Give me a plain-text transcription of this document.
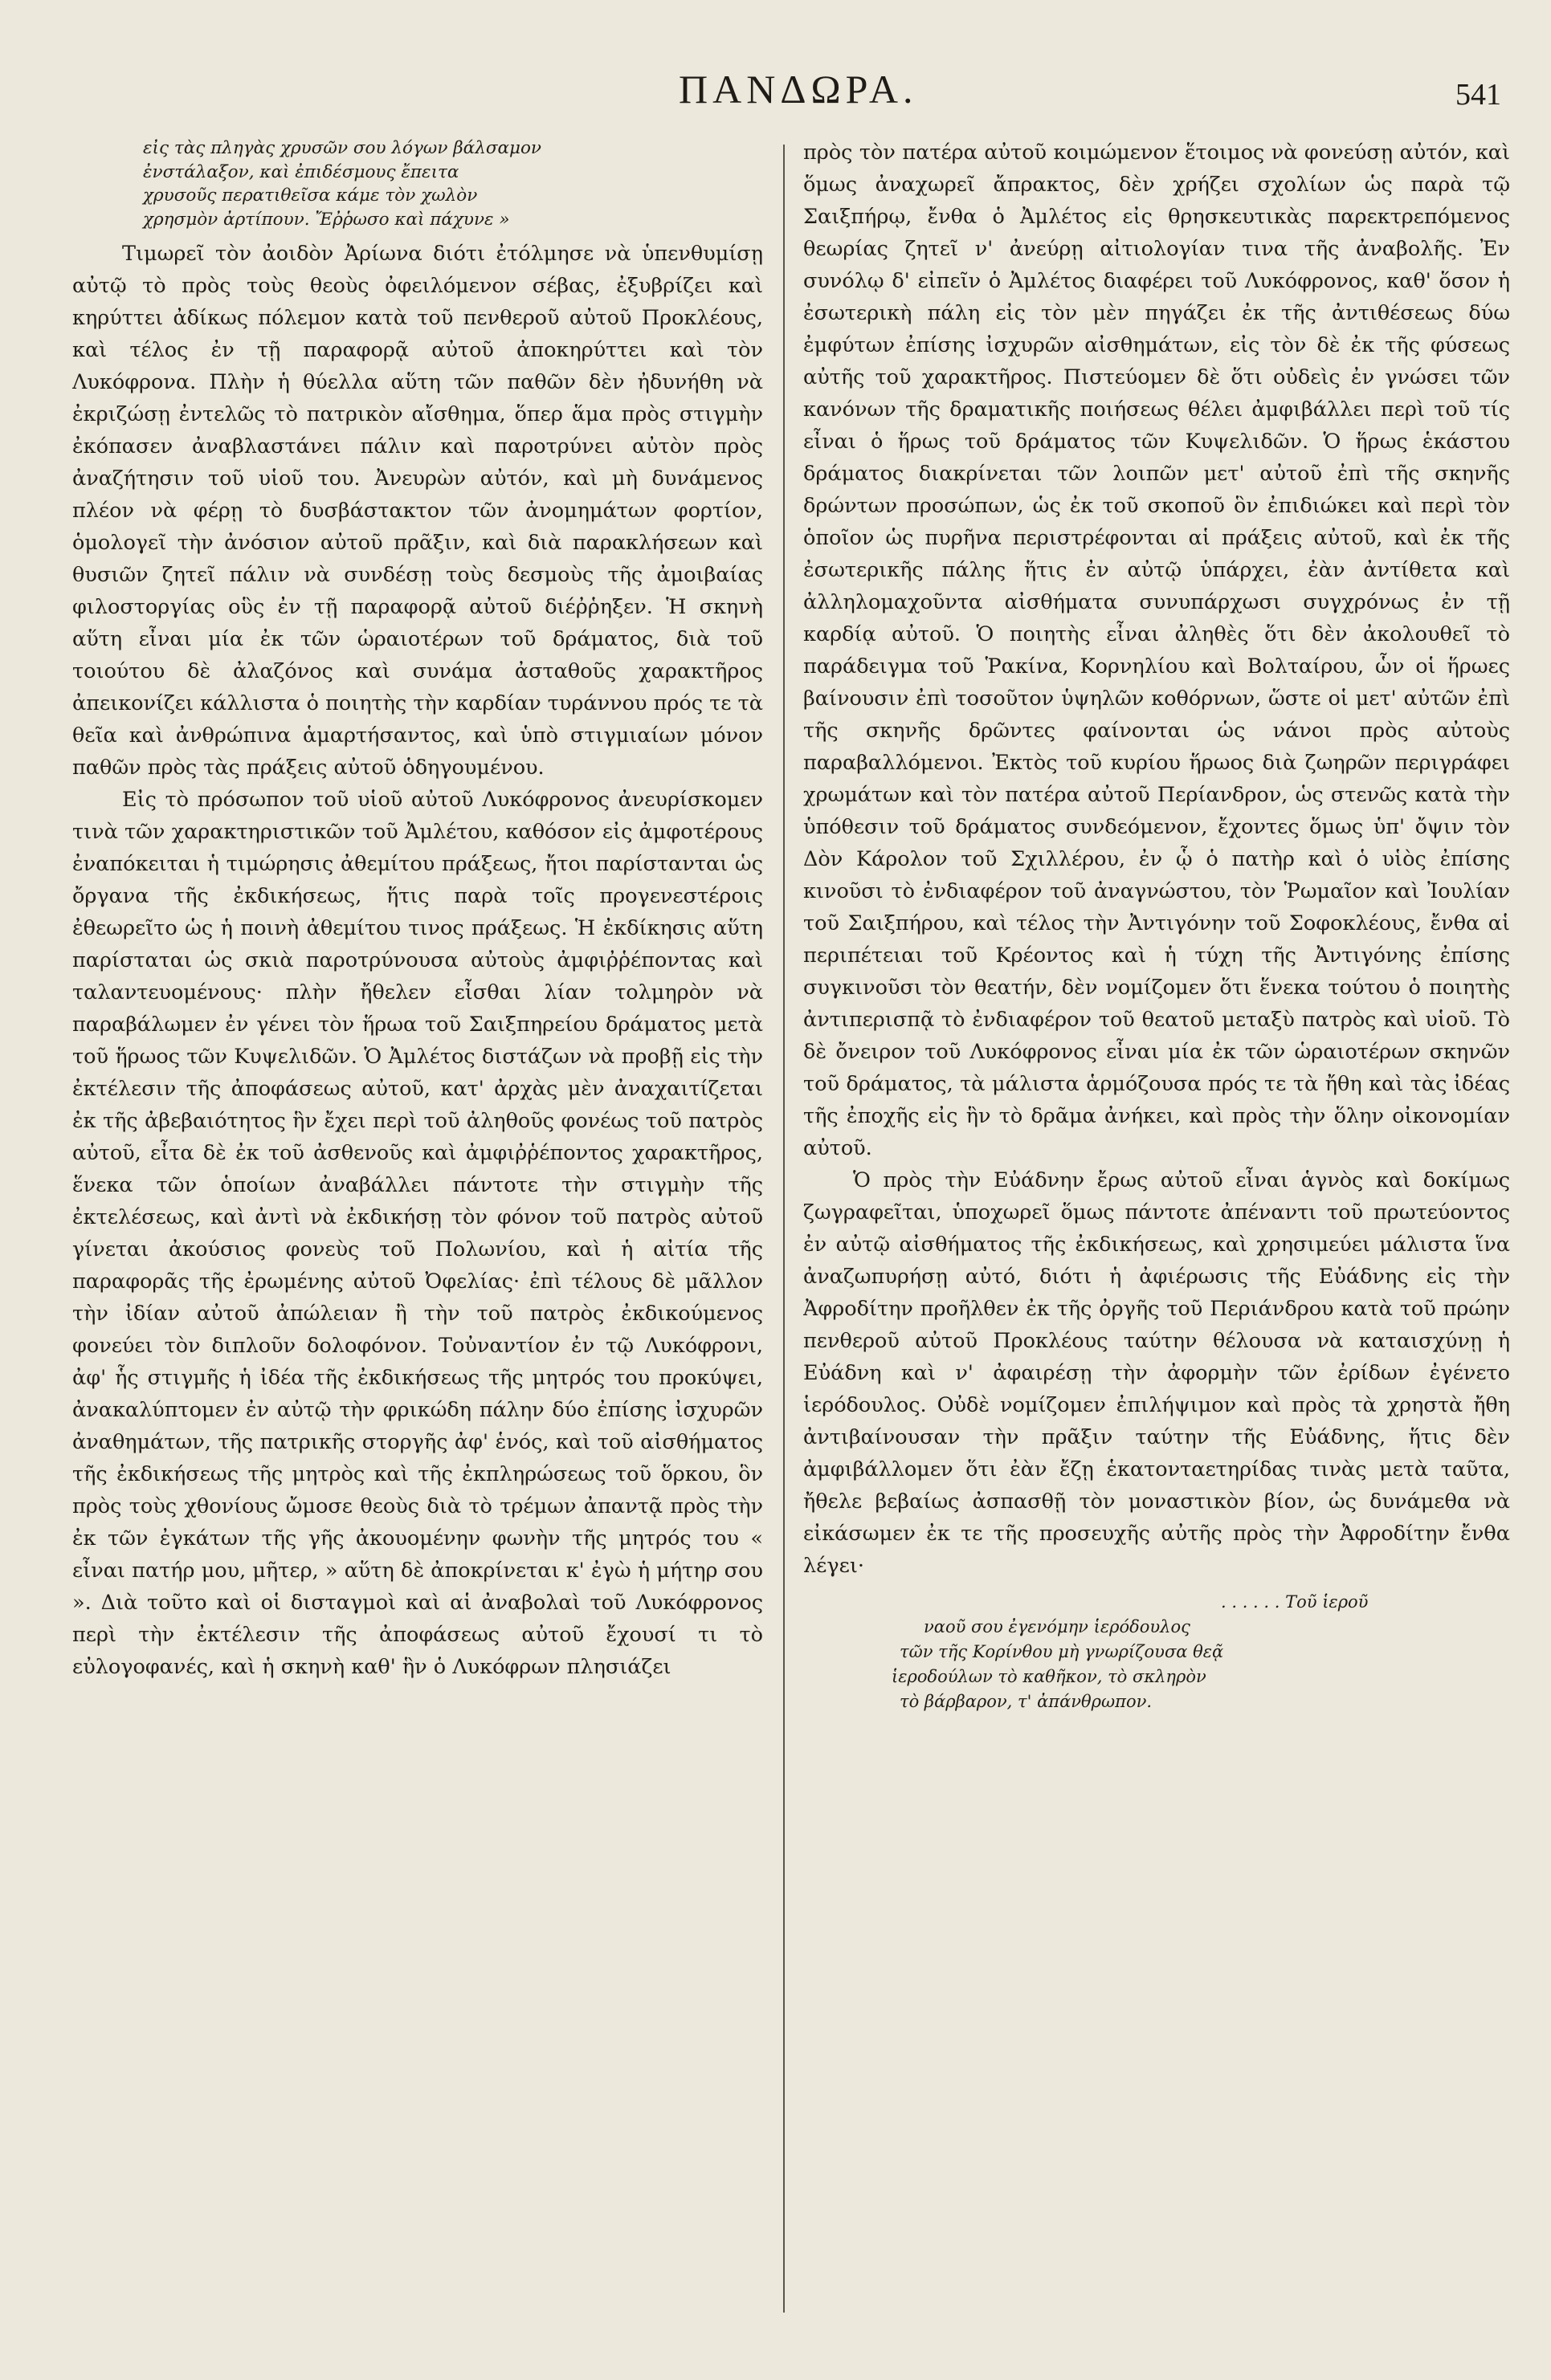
ΠΑΝΔΩΡΑ.	541

εἰς τὰς πληγὰς χρυσῶν σου λόγων βάλσαμον

ἐνστάλαξον, καὶ ἐπιδέσμους ἔπειτα

χρυσοῦς περατιθεῖσα κάμε τὸν χωλὸν

χρησμὸν ἀρτίπουν. Ἔῤῥωσο καὶ πάχυνε »

Τιμωρεῖ τὸν ἀοιδὸν Ἀρίωνα διότι ἐτόλμησε νὰ ὑπενθυμίσῃ αὐτῷ τὸ πρὸς τοὺς θεοὺς ὀφειλόμενον σέβας, ἐξυβρίζει καὶ κηρύττει ἀδίκως πόλεμον κατὰ τοῦ πενθεροῦ αὐτοῦ Προκλέους, καὶ τέλος ἐν τῇ παραφορᾷ αὐτοῦ ἀποκηρύττει καὶ τὸν Λυκόφρονα. Πλὴν ἡ θύελλα αὕτη τῶν παθῶν δὲν ἠδυνήθη νὰ ἐκριζώσῃ ἐντελῶς τὸ πατρικὸν αἴσθημα, ὅπερ ἅμα πρὸς στιγμὴν ἐκόπασεν ἀναβλαστάνει πάλιν καὶ παροτρύνει αὐτὸν πρὸς ἀναζήτησιν τοῦ υἱοῦ του. Ἀνευρὼν αὐτόν, καὶ μὴ δυνάμενος πλέον νὰ φέρῃ τὸ δυσβάστακτον τῶν ἀνομημάτων φορτίον, ὁμολογεῖ τὴν ἀνόσιον αὐτοῦ πρᾶξιν, καὶ διὰ παρακλήσεων καὶ θυσιῶν ζητεῖ πάλιν νὰ συνδέσῃ τοὺς δεσμοὺς τῆς ἀμοιβαίας φιλοστοργίας οὓς ἐν τῇ παραφορᾷ αὐτοῦ διέῤῥηξεν. Ἡ σκηνὴ αὕτη εἶναι μία ἐκ τῶν ὡραιοτέρων τοῦ δράματος, διὰ τοῦ τοιούτου δὲ ἀλαζόνος καὶ συνάμα ἀσταθοῦς χαρακτῆρος ἀπεικονίζει κάλλιστα ὁ ποιητὴς τὴν καρδίαν τυράννου πρός τε τὰ θεῖα καὶ ἀνθρώπινα ἁμαρτήσαντος, καὶ ὑπὸ στιγμιαίων μόνον παθῶν πρὸς τὰς πράξεις αὐτοῦ ὁδηγουμένου.

Εἰς τὸ πρόσωπον τοῦ υἱοῦ αὐτοῦ Λυκόφρονος ἀνευρίσκομεν τινὰ τῶν χαρακτηριστικῶν τοῦ Ἀμλέτου, καθόσον εἰς ἀμφοτέρους ἐναπόκειται ἡ τιμώρησις ἀθεμίτου πράξεως, ἤτοι παρίστανται ὡς ὄργανα τῆς ἐκδικήσεως, ἥτις παρὰ τοῖς προγενεστέροις ἐθεωρεῖτο ὡς ἡ ποινὴ ἀθεμίτου τινος πράξεως. Ἡ ἐκδίκησις αὕτη παρίσταται ὡς σκιὰ παροτρύνουσα αὐτοὺς ἀμφιῤῥέποντας καὶ ταλαντευομένους· πλὴν ἤθελεν εἶσθαι λίαν τολμηρὸν νὰ παραβάλωμεν ἐν γένει τὸν ἥρωα τοῦ Σαιξπηρείου δράματος μετὰ τοῦ ἥρωος τῶν Κυψελιδῶν. Ὁ Ἀμλέτος διστάζων νὰ προβῇ εἰς τὴν ἐκτέλεσιν τῆς ἀποφάσεως αὐτοῦ, κατ' ἀρχὰς μὲν ἀναχαιτίζεται ἐκ τῆς ἀβεβαιότητος ἣν ἔχει περὶ τοῦ ἀληθοῦς φονέως τοῦ πατρὸς αὐτοῦ, εἶτα δὲ ἐκ τοῦ ἀσθενοῦς καὶ ἀμφιῤῥέποντος χαρακτῆρος, ἕνεκα τῶν ὁποίων ἀναβάλλει πάντοτε τὴν στιγμὴν τῆς ἐκτελέσεως, καὶ ἀντὶ νὰ ἐκδικήσῃ τὸν φόνον τοῦ πατρὸς αὐτοῦ γίνεται ἀκούσιος φονεὺς τοῦ Πολωνίου, καὶ ἡ αἰτία τῆς παραφορᾶς τῆς ἐρωμένης αὐτοῦ Ὀφελίας· ἐπὶ τέλους δὲ μᾶλλον τὴν ἰδίαν αὐτοῦ ἀπώλειαν ἢ τὴν τοῦ πατρὸς ἐκδικούμενος φονεύει τὸν διπλοῦν δολοφόνον. Τοὐναντίον ἐν τῷ Λυκόφρονι, ἀφ' ἧς στιγμῆς ἡ ἰδέα τῆς ἐκδικήσεως τῆς μητρός του προκύψει, ἀνακαλύπτομεν ἐν αὐτῷ τὴν φρικώδη πάλην δύο ἐπίσης ἰσχυρῶν ἀναθημάτων, τῆς πατρικῆς στοργῆς ἀφ' ἑνός, καὶ τοῦ αἰσθήματος τῆς ἐκδικήσεως τῆς μητρὸς καὶ τῆς ἐκπληρώσεως τοῦ ὅρκου, ὃν πρὸς τοὺς χθονίους ὤμοσε θεοὺς διὰ τὸ τρέμων ἀπαντᾷ πρὸς τὴν ἐκ τῶν ἐγκάτων τῆς γῆς ἀκουομένην φωνὴν τῆς μητρός του « εἶναι πατήρ μου, μῆτερ, » αὕτη δὲ ἀποκρίνεται κ' ἐγὼ ἡ μήτηρ σου ». Διὰ τοῦτο καὶ οἱ δισταγμοὶ καὶ αἱ ἀναβολαὶ τοῦ Λυκόφρονος περὶ τὴν ἐκτέλεσιν τῆς ἀποφάσεως αὐτοῦ ἔχουσί τι τὸ εὐλογοφανές, καὶ ἡ σκηνὴ καθ' ἣν ὁ Λυκόφρων πλησιάζει

πρὸς τὸν πατέρα αὐτοῦ κοιμώμενον ἕτοιμος νὰ φονεύσῃ αὐτόν, καὶ ὅμως ἀναχωρεῖ ἄπρακτος, δὲν χρήζει σχολίων ὡς παρὰ τῷ Σαιξπήρῳ, ἔνθα ὁ Ἀμλέτος εἰς θρησκευτικὰς παρεκτρεπόμενος θεωρίας ζητεῖ ν' ἀνεύρῃ αἰτιολογίαν τινα τῆς ἀναβολῆς. Ἐν συνόλῳ δ' εἰπεῖν ὁ Ἀμλέτος διαφέρει τοῦ Λυκόφρονος, καθ' ὅσον ἡ ἐσωτερικὴ πάλη εἰς τὸν μὲν πηγάζει ἐκ τῆς ἀντιθέσεως δύω ἐμφύτων ἐπίσης ἰσχυρῶν αἰσθημάτων, εἰς τὸν δὲ ἐκ τῆς φύσεως αὐτῆς τοῦ χαρακτῆρος. Πιστεύομεν δὲ ὅτι οὐδεὶς ἐν γνώσει τῶν κανόνων τῆς δραματικῆς ποιήσεως θέλει ἀμφιβάλλει περὶ τοῦ τίς εἶναι ὁ ἥρως τοῦ δράματος τῶν Κυψελιδῶν. Ὁ ἥρως ἑκάστου δράματος διακρίνεται τῶν λοιπῶν μετ' αὐτοῦ ἐπὶ τῆς σκηνῆς δρώντων προσώπων, ὡς ἐκ τοῦ σκοποῦ ὃν ἐπιδιώκει καὶ περὶ τὸν ὁποῖον ὡς πυρῆνα περιστρέφονται αἱ πράξεις αὐτοῦ, καὶ ἐκ τῆς ἐσωτερικῆς πάλης ἥτις ἐν αὐτῷ ὑπάρχει, ἐὰν ἀντίθετα καὶ ἀλληλομαχοῦντα αἰσθήματα συνυπάρχωσι συγχρόνως ἐν τῇ καρδίᾳ αὐτοῦ. Ὁ ποιητὴς εἶναι ἀληθὲς ὅτι δὲν ἀκολουθεῖ τὸ παράδειγμα τοῦ Ῥακίνα, Κορνηλίου καὶ Βολταίρου, ὧν οἱ ἥρωες βαίνουσιν ἐπὶ τοσοῦτον ὑψηλῶν κοθόρνων, ὥστε οἱ μετ' αὐτῶν ἐπὶ τῆς σκηνῆς δρῶντες φαίνονται ὡς νάνοι πρὸς αὐτοὺς παραβαλλόμενοι. Ἐκτὸς τοῦ κυρίου ἥρωος διὰ ζωηρῶν περιγράφει χρωμάτων καὶ τὸν πατέρα αὐτοῦ Περίανδρον, ὡς στενῶς κατὰ τὴν ὑπόθεσιν τοῦ δράματος συνδεόμενον, ἔχοντες ὅμως ὑπ' ὄψιν τὸν Δὸν Κάρολον τοῦ Σχιλλέρου, ἐν ᾧ ὁ πατὴρ καὶ ὁ υἱὸς ἐπίσης κινοῦσι τὸ ἐνδιαφέρον τοῦ ἀναγνώστου, τὸν Ῥωμαῖον καὶ Ἰουλίαν τοῦ Σαιξπήρου, καὶ τέλος τὴν Ἀντιγόνην τοῦ Σοφοκλέους, ἔνθα αἱ περιπέτειαι τοῦ Κρέοντος καὶ ἡ τύχη τῆς Ἀντιγόνης ἐπίσης συγκινοῦσι τὸν θεατήν, δὲν νομίζομεν ὅτι ἕνεκα τούτου ὁ ποιητὴς ἀντιπερισπᾷ τὸ ἐνδιαφέρον τοῦ θεατοῦ μεταξὺ πατρὸς καὶ υἱοῦ. Τὸ δὲ ὄνειρον τοῦ Λυκόφρονος εἶναι μία ἐκ τῶν ὡραιοτέρων σκηνῶν τοῦ δράματος, τὰ μάλιστα ἁρμόζουσα πρός τε τὰ ἤθη καὶ τὰς ἰδέας τῆς ἐποχῆς εἰς ἣν τὸ δρᾶμα ἀνήκει, καὶ πρὸς τὴν ὅλην οἰκονομίαν αὐτοῦ.

Ὁ πρὸς τὴν Εὐάδνην ἔρως αὐτοῦ εἶναι ἁγνὸς καὶ δοκίμως ζωγραφεῖται, ὑποχωρεῖ ὅμως πάντοτε ἀπέναντι τοῦ πρωτεύοντος ἐν αὐτῷ αἰσθήματος τῆς ἐκδικήσεως, καὶ χρησιμεύει μάλιστα ἵνα ἀναζωπυρήσῃ αὐτό, διότι ἡ ἀφιέρωσις τῆς Εὐάδνης εἰς τὴν Ἀφροδίτην προῆλθεν ἐκ τῆς ὀργῆς τοῦ Περιάνδρου κατὰ τοῦ πρώην πενθεροῦ αὐτοῦ Προκλέους ταύτην θέλουσα νὰ καταισχύνῃ ἡ Εὐάδνη καὶ ν' ἀφαιρέσῃ τὴν ἀφορμὴν τῶν ἐρίδων ἐγένετο ἱερόδουλος. Οὐδὲ νομίζομεν ἐπιλήψιμον καὶ πρὸς τὰ χρηστὰ ἤθη ἀντιβαίνουσαν τὴν πρᾶξιν ταύτην τῆς Εὐάδνης, ἥτις δὲν ἀμφιβάλλομεν ὅτι ἐὰν ἔζῃ ἑκατονταετηρίδας τινὰς μετὰ ταῦτα, ἤθελε βεβαίως ἀσπασθῇ τὸν μοναστικὸν βίον, ὡς δυνάμεθα νὰ εἰκάσωμεν ἐκ τε τῆς προσευχῆς αὐτῆς πρὸς τὴν Ἀφροδίτην ἔνθα λέγει·

. . . . . . Τοῦ ἱεροῦ

ναοῦ σου ἐγενόμην ἱερόδουλος

τῶν τῆς Κορίνθου μὴ γνωρίζουσα θεᾷ

ἱεροδούλων τὸ καθῆκον, τὸ σκληρὸν

τὸ βάρβαρον, τ' ἀπάνθρωπον.
